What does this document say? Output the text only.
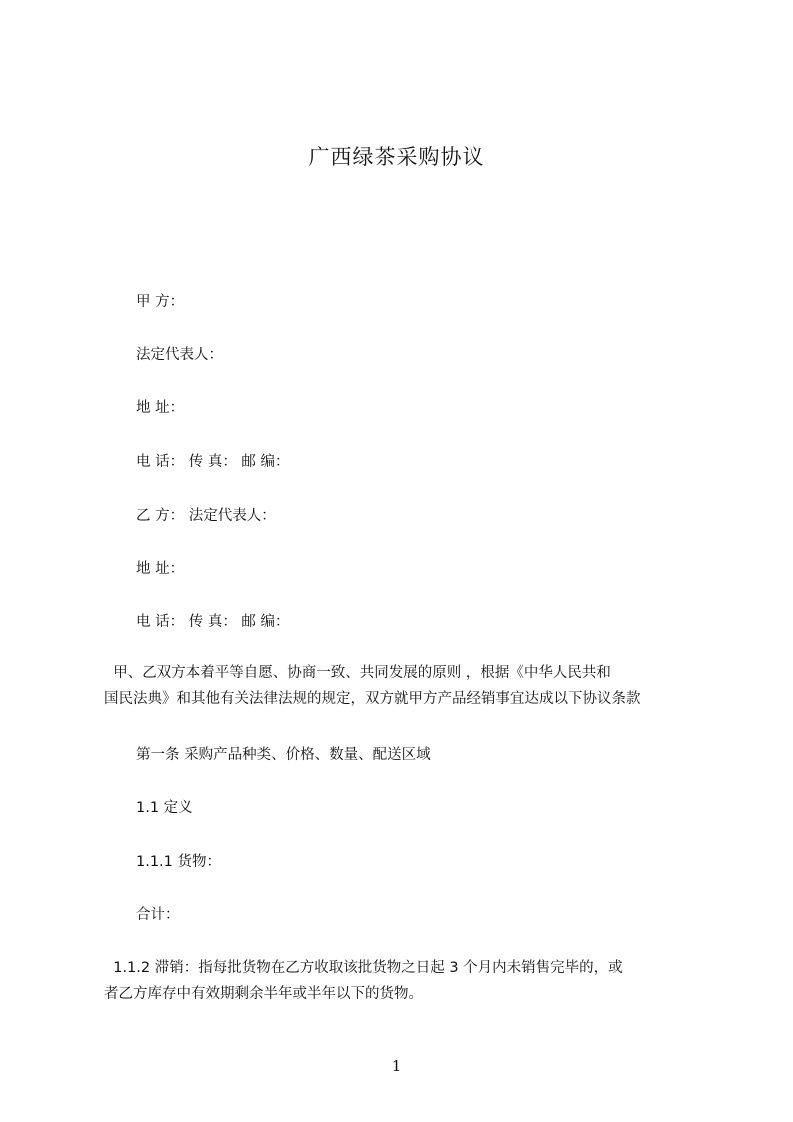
广西绿茶采购协议
甲 方：
法定代表人：
地 址：
电 话： 传 真： 邮 编：
乙 方： 法定代表人：
地 址：
电 话： 传 真： 邮 编：
甲、乙双方本着平等自愿、协商一致、共同发展的原则 ，根据《中华人民共和
国民法典》和其他有关法律法规的规定，双方就甲方产品经销事宜达成以下协议条款
第一条 采购产品种类、价格、数量、配送区域
1.1 定义
1.1.1 货物：
合计：
1.1.2 滞销：指每批货物在乙方收取该批货物之日起 3 个月内未销售完毕的，或
者乙方库存中有效期剩余半年或半年以下的货物。
1
